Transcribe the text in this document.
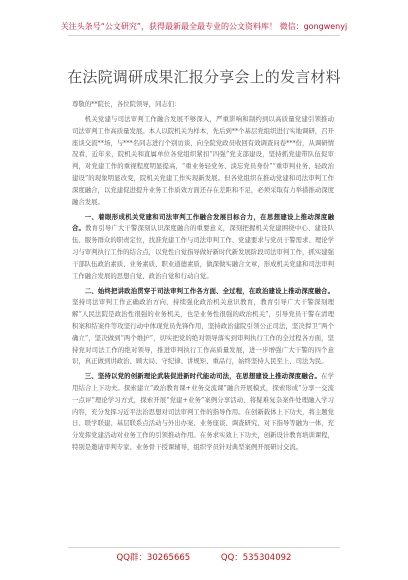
关注头条号“公文研究”，获得最新最全最专业的公文资料库！ 微信：gongwenyj
在法院调研成果汇报分享会上的发言材料

尊敬的**院长，各位院领导，同志们：

机关党建与司法审判工作融合发展不够深入，严重影响和制约到以高质量党建引领推动司法审判工作高质量发展。本人以院机关为样本，先后到**个基层党组织进行实地调研，召开座谈交流**场，与***名同志进行个别访谈，向全院党政员收回有效调查问卷***份，从调研情况看，近年来，院机关和直属单位各党组织紧扣“四强”党支部建设，坚持抓党建带队伍促审判，对党建工作的重视程度明显提高，“重业务轻党务、淡忘党员身份”“重审判业务、轻政治建设”的现象明显改变，院机关党建工作实现新发展。但各党组织在推动党建和司法审判工作深度融合，以党建促进提升业务工作质效方面还存在差距和不足，必须采取有力举措推动深度融合发展。

一、着眼形成机关党建和司法审判工作融合发展目标合力，在思想建设上推动深度融合。教育引导广大干警深刻认识深度融合的重要意义，深刻把握机关党建围绕中心、建设队伍、服务群众的职责定位，找准党建工作与司法审判工作、党建要求与党员干警需求、理论学习与审判执行工作的结合点，以党性自觉指导做好新时代新发展阶段司法审判工作，抓实建强干部队伍政治素质、业务素质、职业道德素质，做深做实融合文章，形成机关党建和司法审判工作融合发展的思想自觉、政治自觉和行动自觉。

二、始终把讲政治贯穿于司法审判工作各方面、全过程，在政治建设上推动深度融合。坚持司法审判工作正确政治方向，持续强化政治机关意识教育，教育引导广大干警深刻理解“人民法院是政治性很强的业务机关，也是业务性很强的政治机关”，引导党员干警在清理积案和结案件等攻坚行动中体现党员先锋作用，坚持政治建院引领公正司法，坚决捍卫“两个确立”，坚决做到“两个维护”，切实把党的绝对领导落实到审判执行工作的全过程各方面，坚持党对司法工作的绝对领导，推进审判执行工作高质量发展，进一步增强广大干警的四个意识，真正做到讲政治、顾大局、守纪律、讲规矩、重品行，始终坚持人民至上、司法为民。

三、坚持以党的创新理论武装促进新时代能动司法，在思想建设上推动深度融合。在学用结合上下功夫。探索建立“政治教育课+业务交流课”融合开展模式，探索形成“分享一交流一点评”理论学习方式，探索开展“党建+业务”案例分享活动，将疑难复杂案件处理融入学习内容，充分发挥习近平法治思想对司法审判工作的指导作用。在创新载体上下功夫，将主题党日、联学联建、基层联系点活动与外出办案、业务座谈、调查研究、对下指导等融为一体，充分发挥党建活动对业务工作的引领推动作用。在务求实效上下功夫，创新设计教育培训课程，特别是邀请审判专家、业务骨干授课辅导，组织学员针对典型案例开展研讨交流。

QQ群：30265665	QQ：535304092
